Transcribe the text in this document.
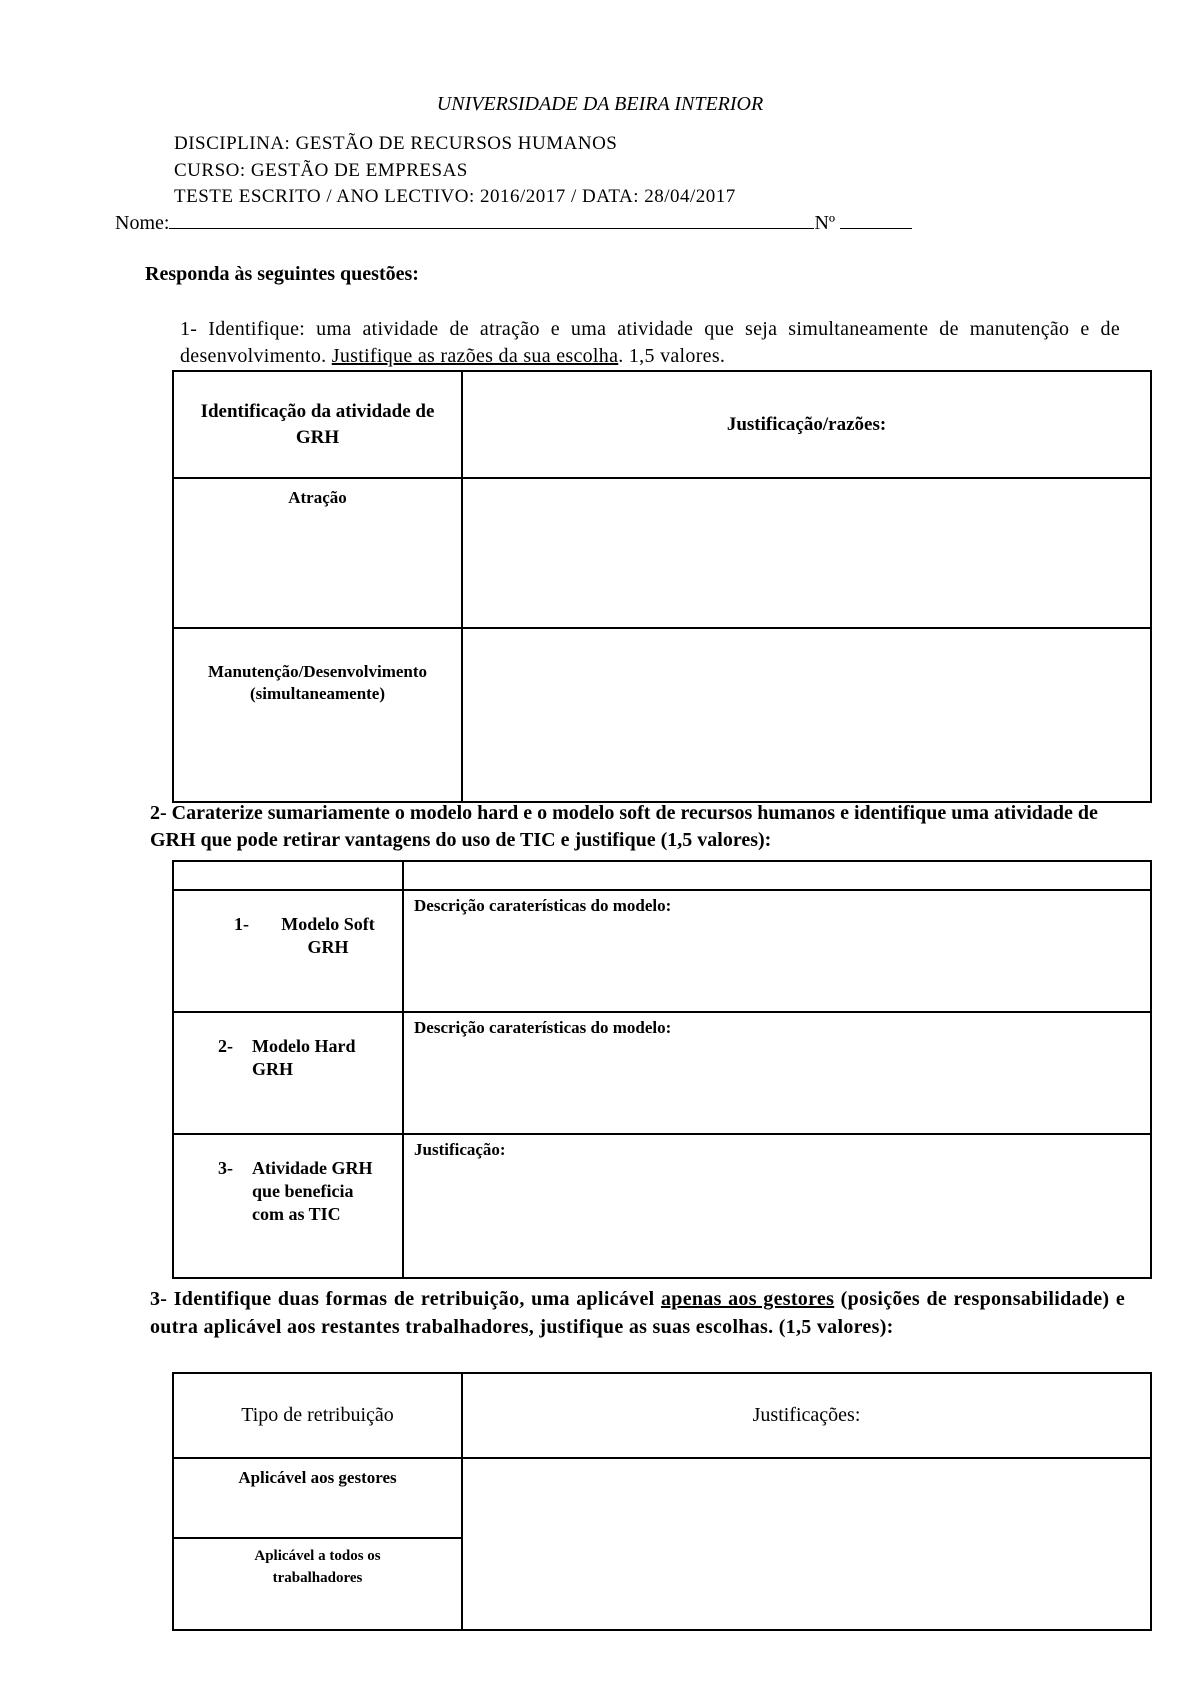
UNIVERSIDADE DA BEIRA INTERIOR
DISCIPLINA: GESTÃO DE RECURSOS HUMANOS
CURSO: GESTÃO DE EMPRESAS
TESTE ESCRITO / ANO LECTIVO: 2016/2017 / DATA: 28/04/2017
Nome:	Nº
Responda às seguintes questões:
1- Identifique: uma atividade de atração e uma atividade que seja simultaneamente de manutenção e de desenvolvimento. Justifique as razões da sua escolha. 1,5 valores.
Identificação da atividade de GRH	Justificação/razões:
Atração	

Manutenção/Desenvolvimento (simultaneamente)	

2- Caraterize sumariamente o modelo hard e o modelo soft de recursos humanos e identifique uma atividade de GRH que pode retirar vantagens do uso de TIC e justifique (1,5 valores):

1- Modelo Soft GRH	Descrição caraterísticas do modelo:

2- Modelo Hard GRH	Descrição caraterísticas do modelo:

3- Atividade GRH que beneficia com as TIC	Justificação:
3- Identifique duas formas de retribuição, uma aplicável apenas aos gestores (posições de responsabilidade) e outra aplicável aos restantes trabalhadores, justifique as suas escolhas. (1,5 valores):
Tipo de retribuição	Justificações:
Aplicável aos gestores	

Aplicável a todos os trabalhadores	
